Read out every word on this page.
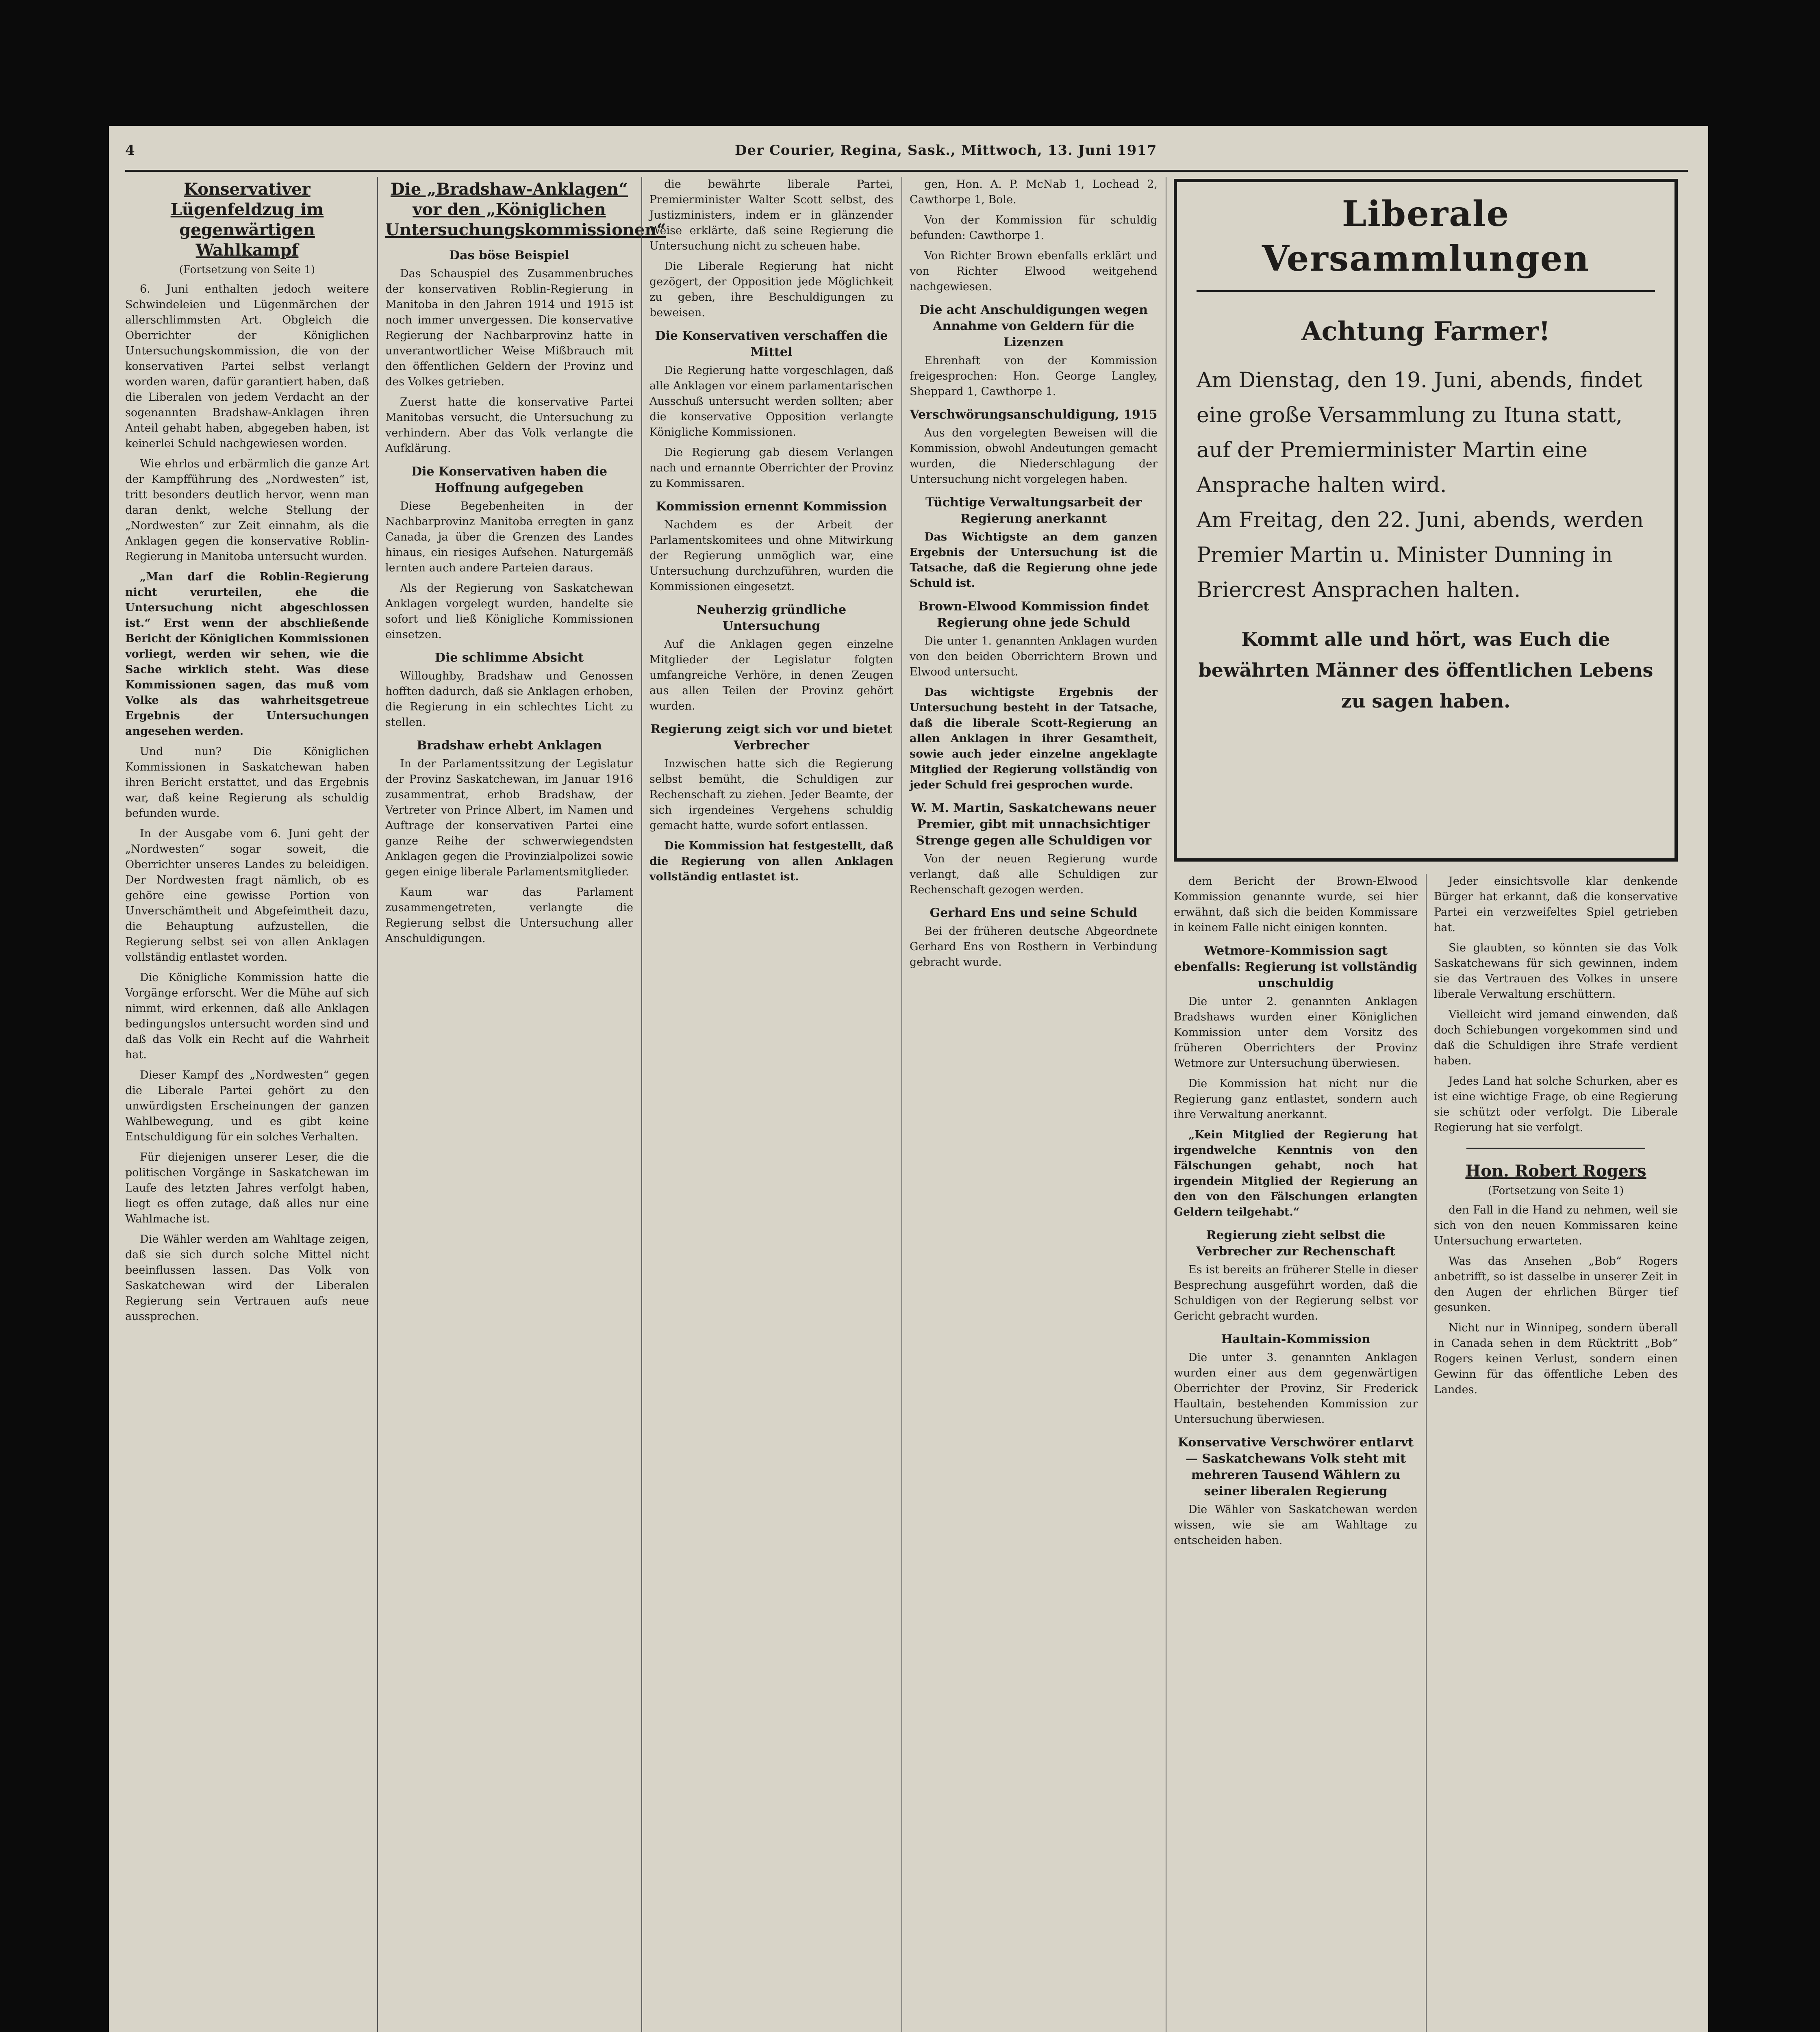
4	Der Courier, Regina, Sask., Mittwoch, 13. Juni 1917
Konservativer Lügenfeldzug im gegenwärtigen Wahlkampf
(Fortsetzung von Seite 1)

6. Juni enthalten jedoch weitere Schwindeleien und Lügenmärchen der allerschlimmsten Art. Obgleich die Oberrichter der Königlichen Untersuchungskommission, die von der konservativen Partei selbst verlangt worden waren, dafür garantiert haben, daß die Liberalen von jedem Verdacht an der sogenannten Bradshaw-Anklagen ihren Anteil gehabt haben, abgegeben haben, ist keinerlei Schuld nachgewiesen worden.

Wie ehrlos und erbärmlich die ganze Art der Kampfführung des „Nordwesten“ ist, tritt besonders deutlich hervor, wenn man daran denkt, welche Stellung der „Nordwesten“ zur Zeit einnahm, als die Anklagen gegen die konservative Roblin-Regierung in Manitoba untersucht wurden.

„Man darf die Roblin-Regierung nicht verurteilen, ehe die Untersuchung nicht abgeschlossen ist.“ Erst wenn der abschließende Bericht der Königlichen Kommissionen vorliegt, werden wir sehen, wie die Sache wirklich steht. Was diese Kommissionen sagen, das muß vom Volke als das wahrheitsgetreue Ergebnis der Untersuchungen angesehen werden.

Und nun? Die Königlichen Kommissionen in Saskatchewan haben ihren Bericht erstattet, und das Ergebnis war, daß keine Regierung als schuldig befunden wurde.

In der Ausgabe vom 6. Juni geht der „Nordwesten“ sogar soweit, die Oberrichter unseres Landes zu beleidigen. Der Nordwesten fragt nämlich, ob es gehöre eine gewisse Portion von Unverschämtheit und Abgefeimtheit dazu, die Behauptung aufzustellen, die Regierung selbst sei von allen Anklagen vollständig entlastet worden.

Die Königliche Kommission hatte die Vorgänge erforscht. Wer die Mühe auf sich nimmt, wird erkennen, daß alle Anklagen bedingungslos untersucht worden sind und daß das Volk ein Recht auf die Wahrheit hat.

Dieser Kampf des „Nordwesten“ gegen die Liberale Partei gehört zu den unwürdigsten Erscheinungen der ganzen Wahlbewegung, und es gibt keine Entschuldigung für ein solches Verhalten.

Für diejenigen unserer Leser, die die politischen Vorgänge in Saskatchewan im Laufe des letzten Jahres verfolgt haben, liegt es offen zutage, daß alles nur eine Wahlmache ist.

Die Wähler werden am Wahltage zeigen, daß sie sich durch solche Mittel nicht beeinflussen lassen. Das Volk von Saskatchewan wird der Liberalen Regierung sein Vertrauen aufs neue aussprechen.

Die „Bradshaw-Anklagen“ vor den „Königlichen Untersuchungskommissionen“
Das böse Beispiel

Das Schauspiel des Zusammenbruches der konservativen Roblin-Regierung in Manitoba in den Jahren 1914 und 1915 ist noch immer unvergessen. Die konservative Regierung der Nachbarprovinz hatte in unverantwortlicher Weise Mißbrauch mit den öffentlichen Geldern der Provinz und des Volkes getrieben.

Zuerst hatte die konservative Partei Manitobas versucht, die Untersuchung zu verhindern. Aber das Volk verlangte die Aufklärung.

Die Konservativen haben die Hoffnung aufgegeben

Diese Begebenheiten in der Nachbarprovinz Manitoba erregten in ganz Canada, ja über die Grenzen des Landes hinaus, ein riesiges Aufsehen. Naturgemäß lernten auch andere Parteien daraus.

Als der Regierung von Saskatchewan Anklagen vorgelegt wurden, handelte sie sofort und ließ Königliche Kommissionen einsetzen.

Die schlimme Absicht

Willoughby, Bradshaw und Genossen hofften dadurch, daß sie Anklagen erhoben, die Regierung in ein schlechtes Licht zu stellen.

Bradshaw erhebt Anklagen

In der Parlamentssitzung der Legislatur der Provinz Saskatchewan, im Januar 1916 zusammentrat, erhob Bradshaw, der Vertreter von Prince Albert, im Namen und Auftrage der konservativen Partei eine ganze Reihe der schwerwiegendsten Anklagen gegen die Provinzialpolizei sowie gegen einige liberale Parlamentsmitglieder.

Kaum war das Parlament zusammengetreten, verlangte die Regierung selbst die Untersuchung aller Anschuldigungen.

die bewährte liberale Partei, Premierminister Walter Scott selbst, des Justizministers, indem er in glänzender Weise erklärte, daß seine Regierung die Untersuchung nicht zu scheuen habe.

Die Liberale Regierung hat nicht gezögert, der Opposition jede Möglichkeit zu geben, ihre Beschuldigungen zu beweisen.

Die Konservativen verschaffen die Mittel

Die Regierung hatte vorgeschlagen, daß alle Anklagen vor einem parlamentarischen Ausschuß untersucht werden sollten; aber die konservative Opposition verlangte Königliche Kommissionen.

Die Regierung gab diesem Verlangen nach und ernannte Oberrichter der Provinz zu Kommissaren.

Kommission ernennt Kommission

Nachdem es der Arbeit der Parlamentskomitees und ohne Mitwirkung der Regierung unmöglich war, eine Untersuchung durchzuführen, wurden die Kommissionen eingesetzt.

Neuherzig gründliche Untersuchung

Auf die Anklagen gegen einzelne Mitglieder der Legislatur folgten umfangreiche Verhöre, in denen Zeugen aus allen Teilen der Provinz gehört wurden.

Regierung zeigt sich vor und bietet Verbrecher

Inzwischen hatte sich die Regierung selbst bemüht, die Schuldigen zur Rechenschaft zu ziehen. Jeder Beamte, der sich irgendeines Vergehens schuldig gemacht hatte, wurde sofort entlassen.

Die Kommission hat festgestellt, daß die Regierung von allen Anklagen vollständig entlastet ist.

gen, Hon. A. P. McNab 1, Lochead 2, Cawthorpe 1, Bole.

Von der Kommission für schuldig befunden: Cawthorpe 1.

Von Richter Brown ebenfalls erklärt und von Richter Elwood weitgehend nachgewiesen.

Die acht Anschuldigungen wegen Annahme von Geldern für die Lizenzen

Ehrenhaft von der Kommission freigesprochen: Hon. George Langley, Sheppard 1, Cawthorpe 1.

Verschwörungsanschuldigung, 1915

Aus den vorgelegten Beweisen will die Kommission, obwohl Andeutungen gemacht wurden, die Niederschlagung der Untersuchung nicht vorgelegen haben.

Tüchtige Verwaltungsarbeit der Regierung anerkannt

Das Wichtigste an dem ganzen Ergebnis der Untersuchung ist die Tatsache, daß die Regierung ohne jede Schuld ist.

Brown-Elwood Kommission findet Regierung ohne jede Schuld

Die unter 1. genannten Anklagen wurden von den beiden Oberrichtern Brown und Elwood untersucht.

Das wichtigste Ergebnis der Untersuchung besteht in der Tatsache, daß die liberale Scott-Regierung an allen Anklagen in ihrer Gesamtheit, sowie auch jeder einzelne angeklagte Mitglied der Regierung vollständig von jeder Schuld frei gesprochen wurde.

W. M. Martin, Saskatchewans neuer Premier, gibt mit unnachsichtiger Strenge gegen alle Schuldigen vor

Von der neuen Regierung wurde verlangt, daß alle Schuldigen zur Rechenschaft gezogen werden.

Gerhard Ens und seine Schuld

Bei der früheren deutsche Abgeordnete Gerhard Ens von Rosthern in Verbindung gebracht wurde.

Liberale Versammlungen
Achtung Farmer!
Am Dienstag, den 19. Juni, abends, findet eine große Versammlung zu Ituna statt, auf der Premierminister Martin eine Ansprache halten wird.
Am Freitag, den 22. Juni, abends, werden Premier Martin u. Minister Dunning in Briercrest Ansprachen halten.
Kommt alle und hört, was Euch die bewährten Männer des öffentlichen Lebens zu sagen haben.

dem Bericht der Brown-Elwood Kommission genannte wurde, sei hier erwähnt, daß sich die beiden Kommissare in keinem Falle nicht einigen konnten.

Wetmore-Kommission sagt ebenfalls: Regierung ist vollständig unschuldig

Die unter 2. genannten Anklagen Bradshaws wurden einer Königlichen Kommission unter dem Vorsitz des früheren Oberrichters der Provinz Wetmore zur Untersuchung überwiesen.

Die Kommission hat nicht nur die Regierung ganz entlastet, sondern auch ihre Verwaltung anerkannt.

„Kein Mitglied der Regierung hat irgendwelche Kenntnis von den Fälschungen gehabt, noch hat irgendein Mitglied der Regierung an den von den Fälschungen erlangten Geldern teilgehabt.“

Regierung zieht selbst die Verbrecher zur Rechenschaft

Es ist bereits an früherer Stelle in dieser Besprechung ausgeführt worden, daß die Schuldigen von der Regierung selbst vor Gericht gebracht wurden.

Haultain-Kommission

Die unter 3. genannten Anklagen wurden einer aus dem gegenwärtigen Oberrichter der Provinz, Sir Frederick Haultain, bestehenden Kommission zur Untersuchung überwiesen.

Konservative Verschwörer entlarvt — Saskatchewans Volk steht mit mehreren Tausend Wählern zu seiner liberalen Regierung

Die Wähler von Saskatchewan werden wissen, wie sie am Wahltage zu entscheiden haben.

Jeder einsichtsvolle klar denkende Bürger hat erkannt, daß die konservative Partei ein verzweifeltes Spiel getrieben hat.

Sie glaubten, so könnten sie das Volk Saskatchewans für sich gewinnen, indem sie das Vertrauen des Volkes in unsere liberale Verwaltung erschüttern.

Vielleicht wird jemand einwenden, daß doch Schiebungen vorgekommen sind und daß die Schuldigen ihre Strafe verdient haben.

Jedes Land hat solche Schurken, aber es ist eine wichtige Frage, ob eine Regierung sie schützt oder verfolgt. Die Liberale Regierung hat sie verfolgt.

Hon. Robert Rogers
(Fortsetzung von Seite 1)

den Fall in die Hand zu nehmen, weil sie sich von den neuen Kommissaren keine Untersuchung erwarteten.

Was das Ansehen „Bob“ Rogers anbetrifft, so ist dasselbe in unserer Zeit in den Augen der ehrlichen Bürger tief gesunken.

Nicht nur in Winnipeg, sondern überall in Canada sehen in dem Rücktritt „Bob“ Rogers keinen Verlust, sondern einen Gewinn für das öffentliche Leben des Landes.
